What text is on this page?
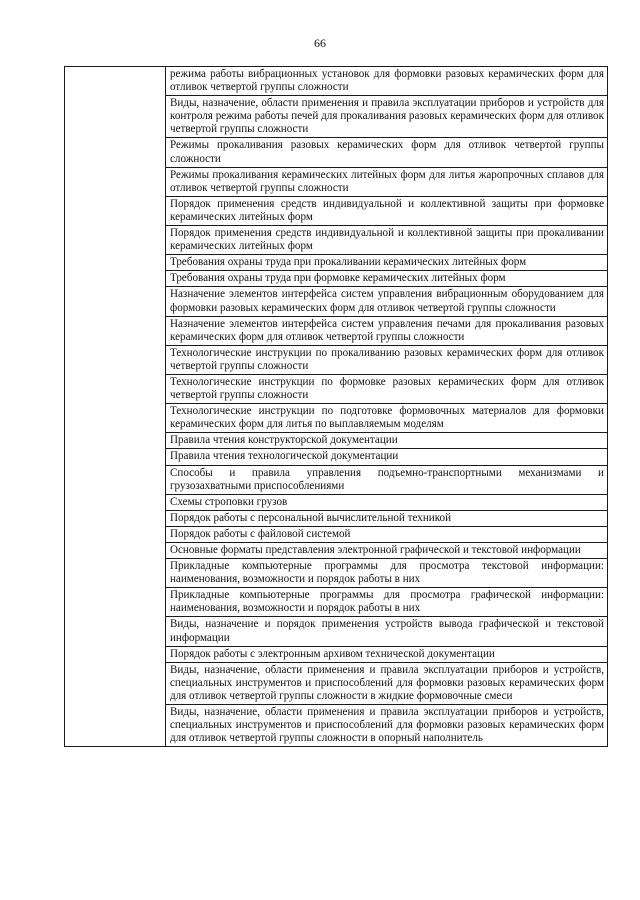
66
	режима работы вибрационных установок для формовки разовых керамических форм для отливок четвертой группы сложности
Виды, назначение, области применения и правила эксплуатации приборов и устройств для контроля режима работы печей для прокаливания разовых керамических форм для отливок четвертой группы сложности
Режимы прокаливания разовых керамических форм для отливок четвертой группы сложности
Режимы прокаливания керамических литейных форм для литья жаропрочных сплавов для отливок четвертой группы сложности
Порядок применения средств индивидуальной и коллективной защиты при формовке керамических литейных форм
Порядок применения средств индивидуальной и коллективной защиты при прокаливании керамических литейных форм
Требования охраны труда при прокаливании керамических литейных форм
Требования охраны труда при формовке керамических литейных форм
Назначение элементов интерфейса систем управления вибрационным оборудованием для формовки разовых керамических форм для отливок четвертой группы сложности
Назначение элементов интерфейса систем управления печами для прокаливания разовых керамических форм для отливок четвертой группы сложности
Технологические инструкции по прокаливанию разовых керамических форм для отливок четвертой группы сложности
Технологические инструкции по формовке разовых керамических форм для отливок четвертой группы сложности
Технологические инструкции по подготовке формовочных материалов для формовки керамических форм для литья по выплавляемым моделям
Правила чтения конструкторской документации
Правила чтения технологической документации
Способы и правила управления подъемно-транспортными механизмами и грузозахватными приспособлениями
Схемы строповки грузов
Порядок работы с персональной вычислительной техникой
Порядок работы с файловой системой
Основные форматы представления электронной графической и текстовой информации
Прикладные компьютерные программы для просмотра текстовой информации: наименования, возможности и порядок работы в них
Прикладные компьютерные программы для просмотра графической информации: наименования, возможности и порядок работы в них
Виды, назначение и порядок применения устройств вывода графической и текстовой информации
Порядок работы с электронным архивом технической документации
Виды, назначение, области применения и правила эксплуатации приборов и устройств, специальных инструментов и приспособлений для формовки разовых керамических форм для отливок четвертой группы сложности в жидкие формовочные смеси
Виды, назначение, области применения и правила эксплуатации приборов и устройств, специальных инструментов и приспособлений для формовки разовых керамических форм для отливок четвертой группы сложности в опорный наполнитель
